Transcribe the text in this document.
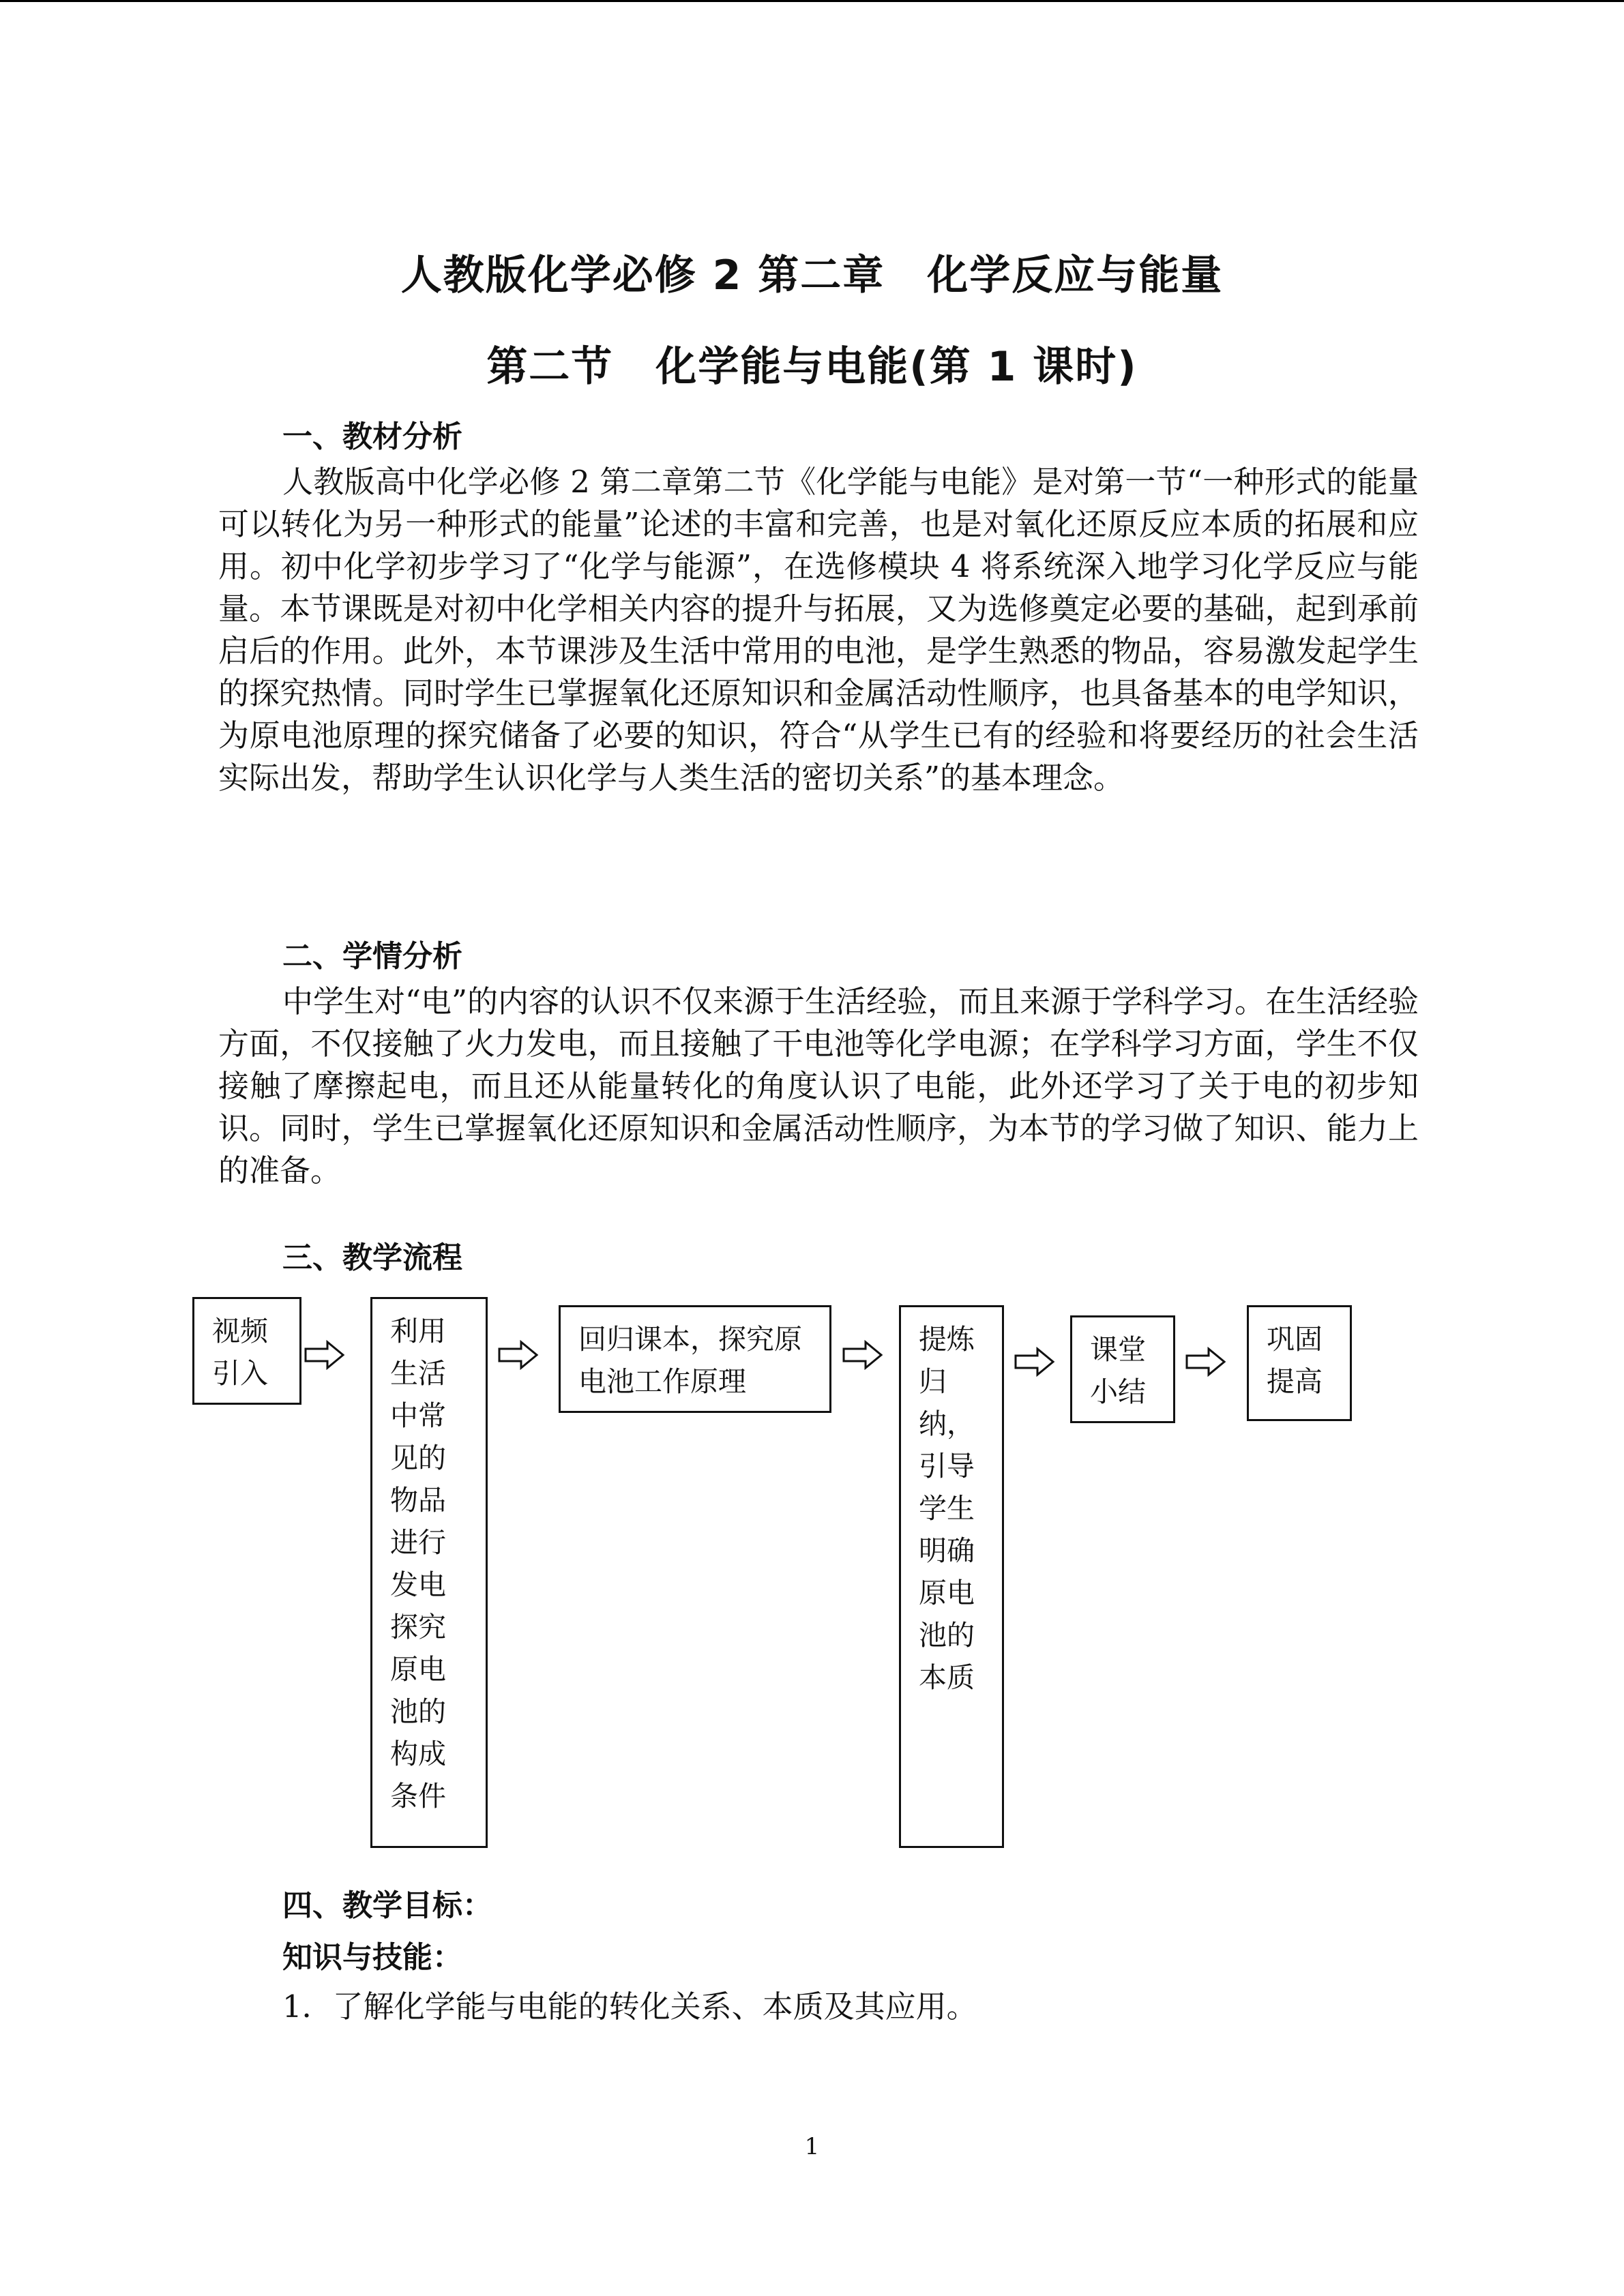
人教版化学必修 2 第二章　化学反应与能量
第二节　化学能与电能(第 1 课时)
一、教材分析

人教版高中化学必修 2 第二章第二节《化学能与电能》是对第一节“一种形式的能量可以转化为另一种形式的能量”论述的丰富和完善，也是对氧化还原反应本质的拓展和应用。初中化学初步学习了“化学与能源”，在选修模块 4 将系统深入地学习化学反应与能量。本节课既是对初中化学相关内容的提升与拓展，又为选修奠定必要的基础，起到承前启后的作用。此外，本节课涉及生活中常用的电池，是学生熟悉的物品，容易激发起学生的探究热情。同时学生已掌握氧化还原知识和金属活动性顺序，也具备基本的电学知识，为原电池原理的探究储备了必要的知识，符合“从学生已有的经验和将要经历的社会生活实际出发，帮助学生认识化学与人类生活的密切关系”的基本理念。

二、学情分析

中学生对“电”的内容的认识不仅来源于生活经验，而且来源于学科学习。在生活经验方面，不仅接触了火力发电，而且接触了干电池等化学电源；在学科学习方面，学生不仅接触了摩擦起电，而且还从能量转化的角度认识了电能，此外还学习了关于电的初步知识。同时，学生已掌握氧化还原知识和金属活动性顺序，为本节的学习做了知识、能力上的准备。

三、教学流程
视频引入
利用生活中常见的物品进行发电探究原电池的构成条件
回归课本，探究原电池工作原理
提炼归纳，引导学生明确原电池的本质
课堂小结
巩固提高
四、教学目标：
知识与技能：
1．了解化学能与电能的转化关系、本质及其应用。
1
